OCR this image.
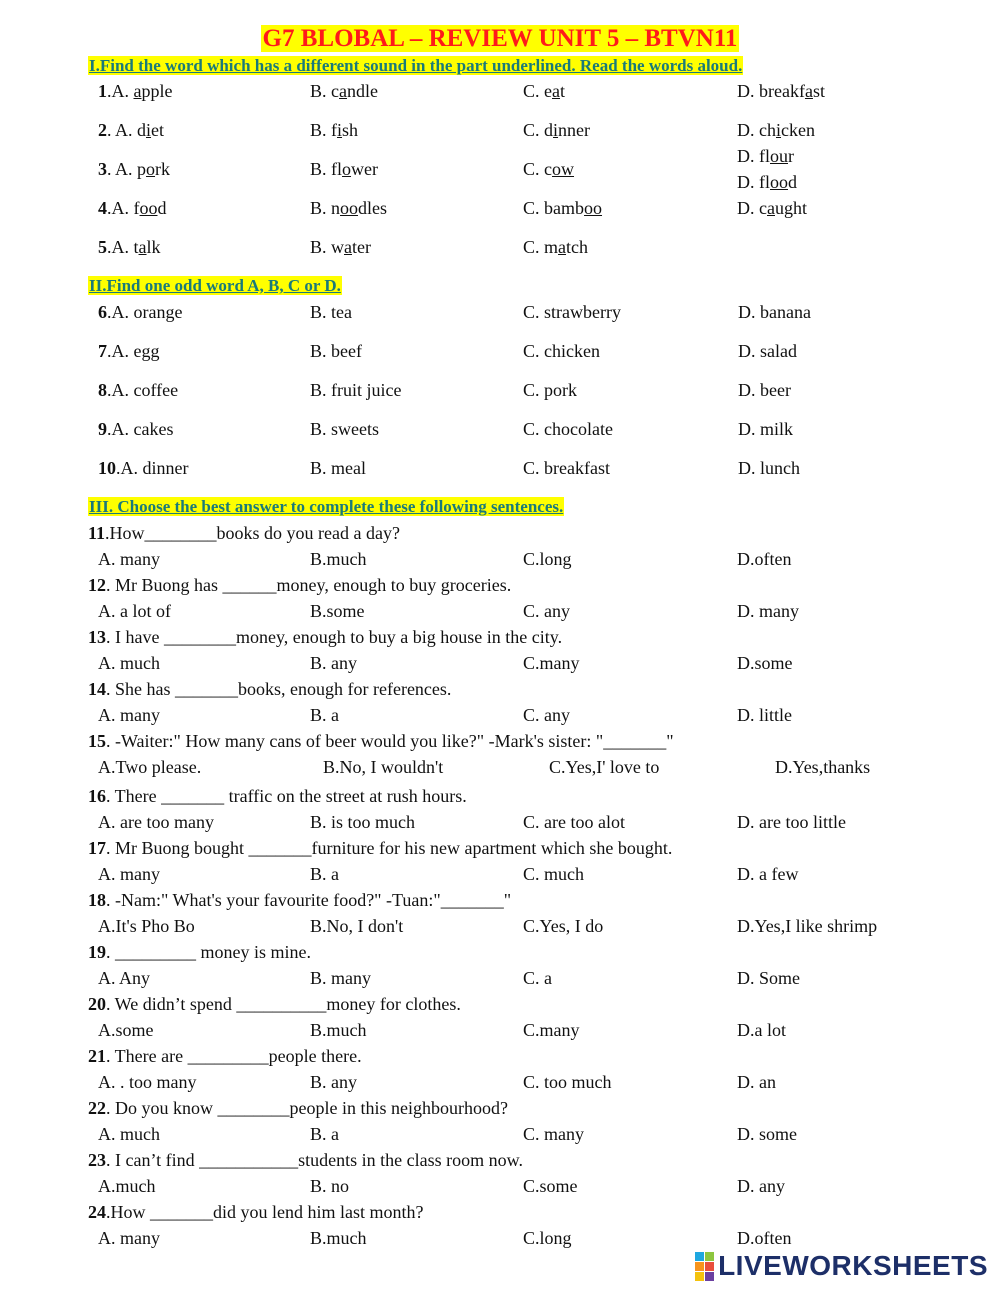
G7 BLOBAL – REVIEW UNIT 5 – BTVN11
I.Find the word which has a different sound in the part underlined. Read the words aloud.
1.A. apple	B. candle	C. eat	D. breakfast
2. A. diet	B. fish	C. dinner	D. chicken
3. A. pork	B. flower	C. cow
D. flour
D. flood
4.A. food	B. noodles	C. bamboo	D. caught
5.A. talk	B. water	C. match
II.Find one odd word A, B, C or D.
6.A. orange	B. tea	C. strawberry	D. banana
7.A. egg	B. beef	C. chicken	D. salad
8.A. coffee	B. fruit juice	C. pork	D. beer
9.A. cakes	B. sweets	C. chocolate	D. milk
10.A. dinner	B. meal	C. breakfast	D. lunch
III. Choose the best answer to complete these following sentences.
11.How________books do you read a day?
A. many	B.much	C.long	D.often
12. Mr Buong has ______money, enough to buy groceries.
A. a lot of	B.some	C. any	D. many
13. I have ________money, enough to buy a big house in the city.
A. much	B. any	C.many	D.some
14. She has _______books, enough for references.
A. many	B. a	C. any	D. little
15. -Waiter:" How many cans of beer would you like?" -Mark's sister: "_______"
A.Two please.	B.No, I wouldn't	C.Yes,I' love to	D.Yes,thanks
16. There _______ traffic on the street at rush hours.
A. are too many	B. is too much	C. are too alot	D. are too little
17. Mr Buong bought _______furniture for his new apartment which she bought.
A. many	B. a	C. much	D. a few
18. -Nam:" What's your favourite food?" -Tuan:"_______"
A.It's Pho Bo	B.No, I don't	C.Yes, I do	D.Yes,I like shrimp
19. _________ money is mine.
A. Any	B. many	C. a	D. Some
20. We didn’t spend __________money for clothes.
A.some	B.much	C.many	D.a lot
21. There are _________people there.
A. . too many	B. any	C. too much	D. an
22. Do you know ________people in this neighbourhood?
A. much	B. a	C. many	D. some
23. I can’t find ___________students in the class room now.
A.much	B. no	C.some	D. any
24.How _______did you lend him last month?
A. many	B.much	C.long	D.often
LIVEWORKSHEETS
